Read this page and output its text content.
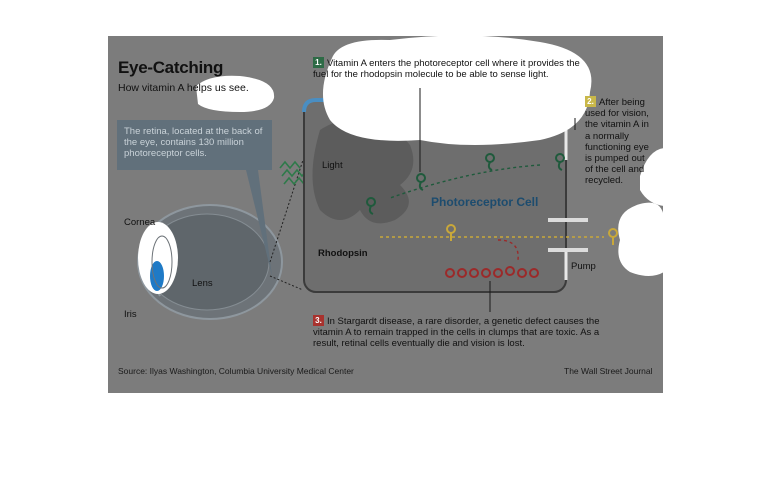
Eye-Catching
How vitamin A helps us see.
The retina, located at the back of the eye, contains 130 million photoreceptor cells.
Light
Cornea
Lens
Iris
Rhodopsin
Pump
Photoreceptor Cell
1. Vitamin A enters the photoreceptor cell where it provides the fuel for the rhodopsin molecule to be able to sense light.
2. After being used for vision, the vitamin A in a normally functioning eye is pumped out of the cell and recycled.
3. In Stargardt disease, a rare disorder, a genetic defect causes the vitamin A to remain trapped in the cells in clumps that are toxic. As a result, retinal cells eventually die and vision is lost.
Source: Ilyas Washington, Columbia University Medical Center	The Wall Street Journal
